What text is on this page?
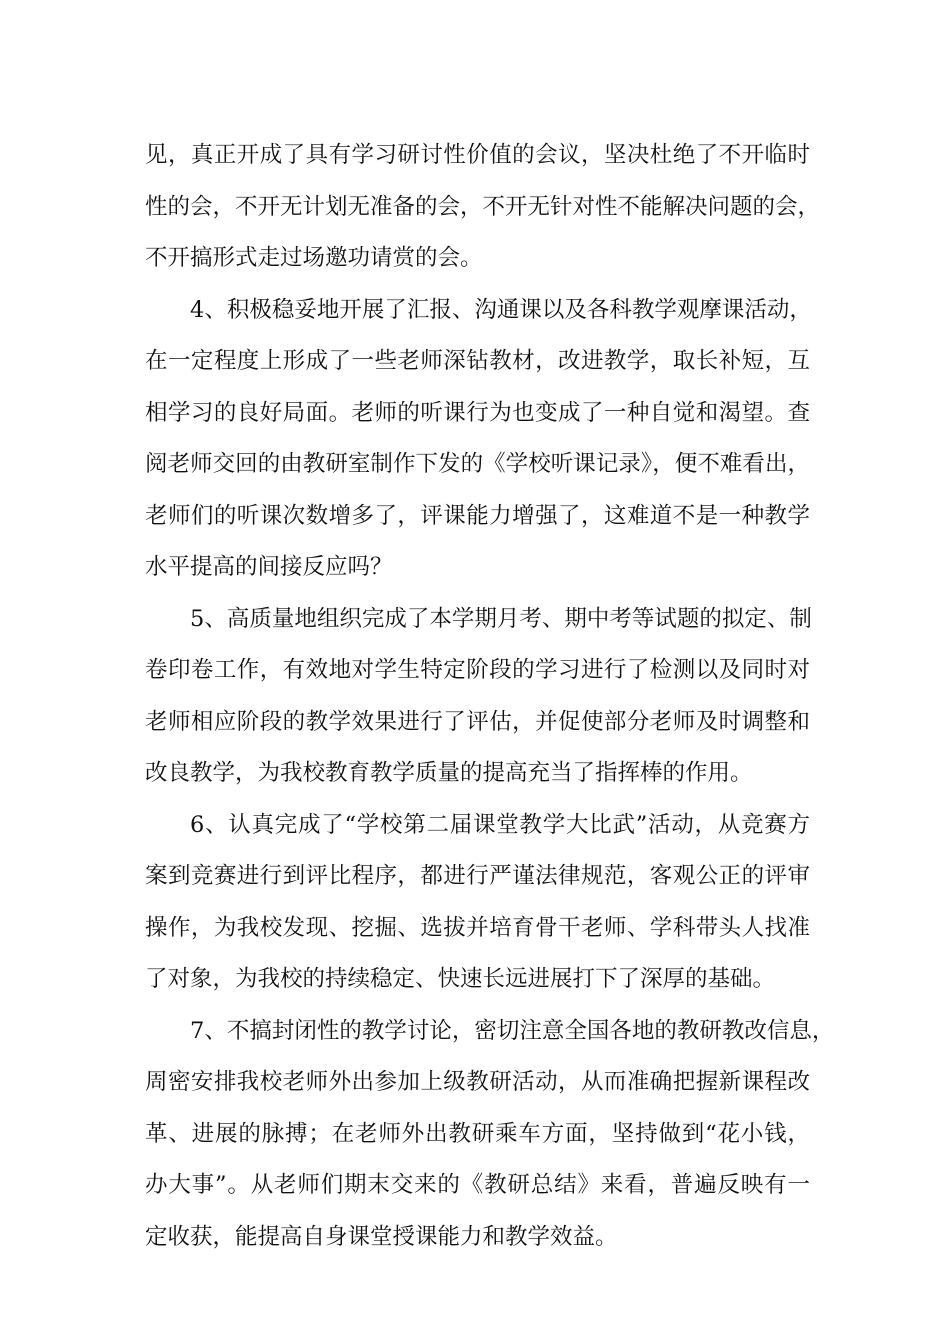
见，真正开成了具有学习研讨性价值的会议，坚决杜绝了不开临时
性的会，不开无计划无准备的会，不开无针对性不能解决问题的会，
不开搞形式走过场邀功请赏的会。

4、积极稳妥地开展了汇报、沟通课以及各科教学观摩课活动，
在一定程度上形成了一些老师深钻教材，改进教学，取长补短，互
相学习的良好局面。老师的听课行为也变成了一种自觉和渴望。查
阅老师交回的由教研室制作下发的《学校听课记录》，便不难看出，
老师们的听课次数增多了，评课能力增强了，这难道不是一种教学
水平提高的间接反应吗？

5、高质量地组织完成了本学期月考、期中考等试题的拟定、制
卷印卷工作，有效地对学生特定阶段的学习进行了检测以及同时对
老师相应阶段的教学效果进行了评估，并促使部分老师及时调整和
改良教学，为我校教育教学质量的提高充当了指挥棒的作用。

6、认真完成了“学校第二届课堂教学大比武”活动，从竞赛方
案到竞赛进行到评比程序，都进行严谨法律规范，客观公正的评审
操作，为我校发现、挖掘、选拔并培育骨干老师、学科带头人找准
了对象，为我校的持续稳定、快速长远进展打下了深厚的基础。

7、不搞封闭性的教学讨论，密切注意全国各地的教研教改信息，
周密安排我校老师外出参加上级教研活动，从而准确把握新课程改
革、进展的脉搏；在老师外出教研乘车方面，坚持做到“花小钱，
办大事”。从老师们期末交来的《教研总结》来看，普遍反映有一
定收获，能提高自身课堂授课能力和教学效益。
